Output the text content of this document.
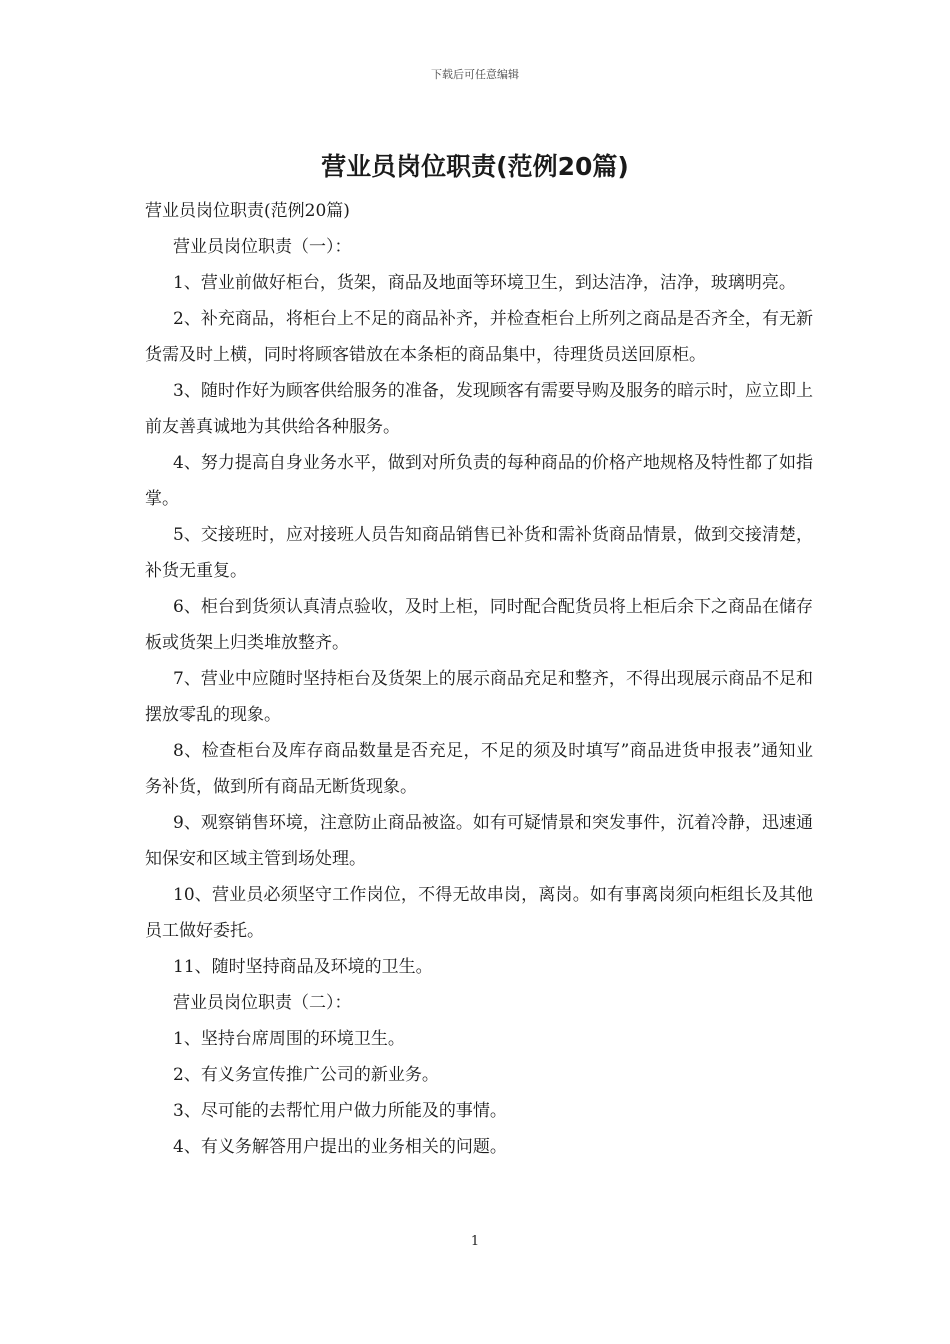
下载后可任意编辑
营业员岗位职责(范例20篇)

营业员岗位职责(范例20篇)

营业员岗位职责（一）：

1、营业前做好柜台，货架，商品及地面等环境卫生，到达洁净，洁净，玻璃明亮。

2、补充商品，将柜台上不足的商品补齐，并检查柜台上所列之商品是否齐全，有无新货需及时上横，同时将顾客错放在本条柜的商品集中，待理货员送回原柜。

3、随时作好为顾客供给服务的准备，发现顾客有需要导购及服务的暗示时，应立即上前友善真诚地为其供给各种服务。

4、努力提高自身业务水平，做到对所负责的每种商品的价格产地规格及特性都了如指掌。

5、交接班时，应对接班人员告知商品销售已补货和需补货商品情景，做到交接清楚，补货无重复。

6、柜台到货须认真清点验收，及时上柜，同时配合配货员将上柜后余下之商品在储存板或货架上归类堆放整齐。

7、营业中应随时坚持柜台及货架上的展示商品充足和整齐，不得出现展示商品不足和摆放零乱的现象。

8、检查柜台及库存商品数量是否充足，不足的须及时填写”商品进货申报表”通知业务补货，做到所有商品无断货现象。

9、观察销售环境，注意防止商品被盗。如有可疑情景和突发事件，沉着冷静，迅速通知保安和区域主管到场处理。

10、营业员必须坚守工作岗位，不得无故串岗，离岗。如有事离岗须向柜组长及其他员工做好委托。

11、随时坚持商品及环境的卫生。

营业员岗位职责（二）：

1、坚持台席周围的环境卫生。

2、有义务宣传推广公司的新业务。

3、尽可能的去帮忙用户做力所能及的事情。

4、有义务解答用户提出的业务相关的问题。

1
